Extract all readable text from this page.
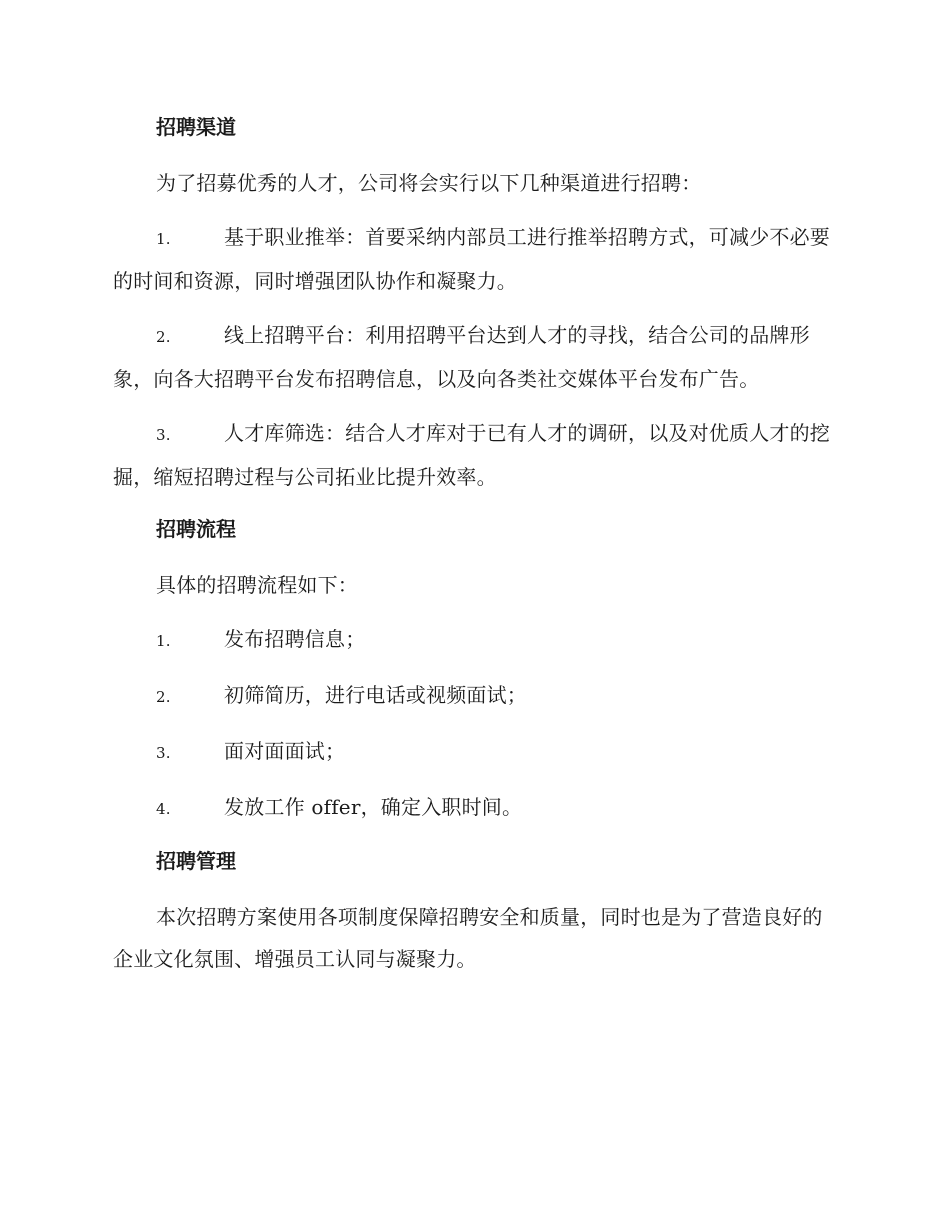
招聘渠道

为了招募优秀的人才，公司将会实行以下几种渠道进行招聘：

1.	基于职业推举：首要采纳内部员工进行推举招聘方式，可减少不必要的时间和资源，同时增强团队协作和凝聚力。

2.	线上招聘平台：利用招聘平台达到人才的寻找，结合公司的品牌形象，向各大招聘平台发布招聘信息，以及向各类社交媒体平台发布广告。

3.	人才库筛选：结合人才库对于已有人才的调研，以及对优质人才的挖掘，缩短招聘过程与公司拓业比提升效率。

招聘流程

具体的招聘流程如下：

1.	发布招聘信息；

2.	初筛简历，进行电话或视频面试；

3.	面对面面试；

4.	发放工作 offer，确定入职时间。

招聘管理

本次招聘方案使用各项制度保障招聘安全和质量，同时也是为了营造良好的企业文化氛围、增强员工认同与凝聚力。
